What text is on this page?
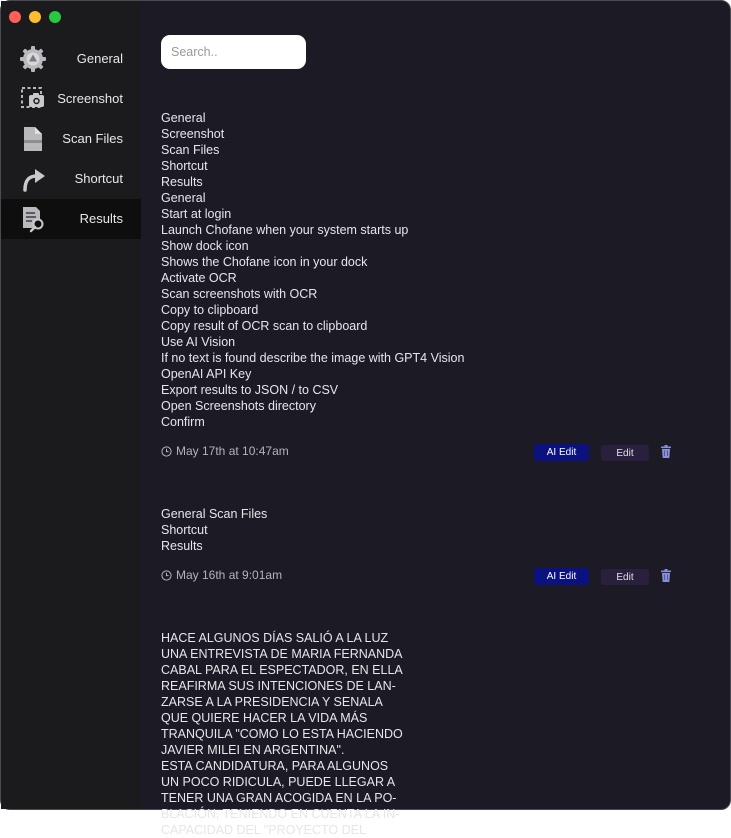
General
Screenshot
Scan Files
Shortcut
Results
Search..
General
Screenshot
Scan Files
Shortcut
Results
General
Start at login
Launch Chofane when your system starts up
Show dock icon
Shows the Chofane icon in your dock
Activate OCR
Scan screenshots with OCR
Copy to clipboard
Copy result of OCR scan to clipboard
Use AI Vision
If no text is found describe the image with GPT4 Vision
OpenAI API Key
Export results to JSON / to CSV
Open Screenshots directory
Confirm
May 17th at 10:47am	AI Edit	Edit
General Scan Files
Shortcut
Results
May 16th at 9:01am	AI Edit	Edit
HACE ALGUNOS DÍAS SALIÓ A LA LUZ
UNA ENTREVISTA DE MARIA FERNANDA
CABAL PARA EL ESPECTADOR, EN ELLA
REAFIRMA SUS INTENCIONES DE LAN-
ZARSE A LA PRESIDENCIA Y SENALA
QUE QUIERE HACER LA VIDA MÁS
TRANQUILA "COMO LO ESTA HACIENDO
JAVIER MILEI EN ARGENTINA".
ESTA CANDIDATURA, PARA ALGUNOS
UN POCO RIDICULA, PUEDE LLEGAR A
TENER UNA GRAN ACOGIDA EN LA PO-
BLACIÓN, TENIENDO EN CUENTA LA IN-
CAPACIDAD DEL "PROYECTO DEL
